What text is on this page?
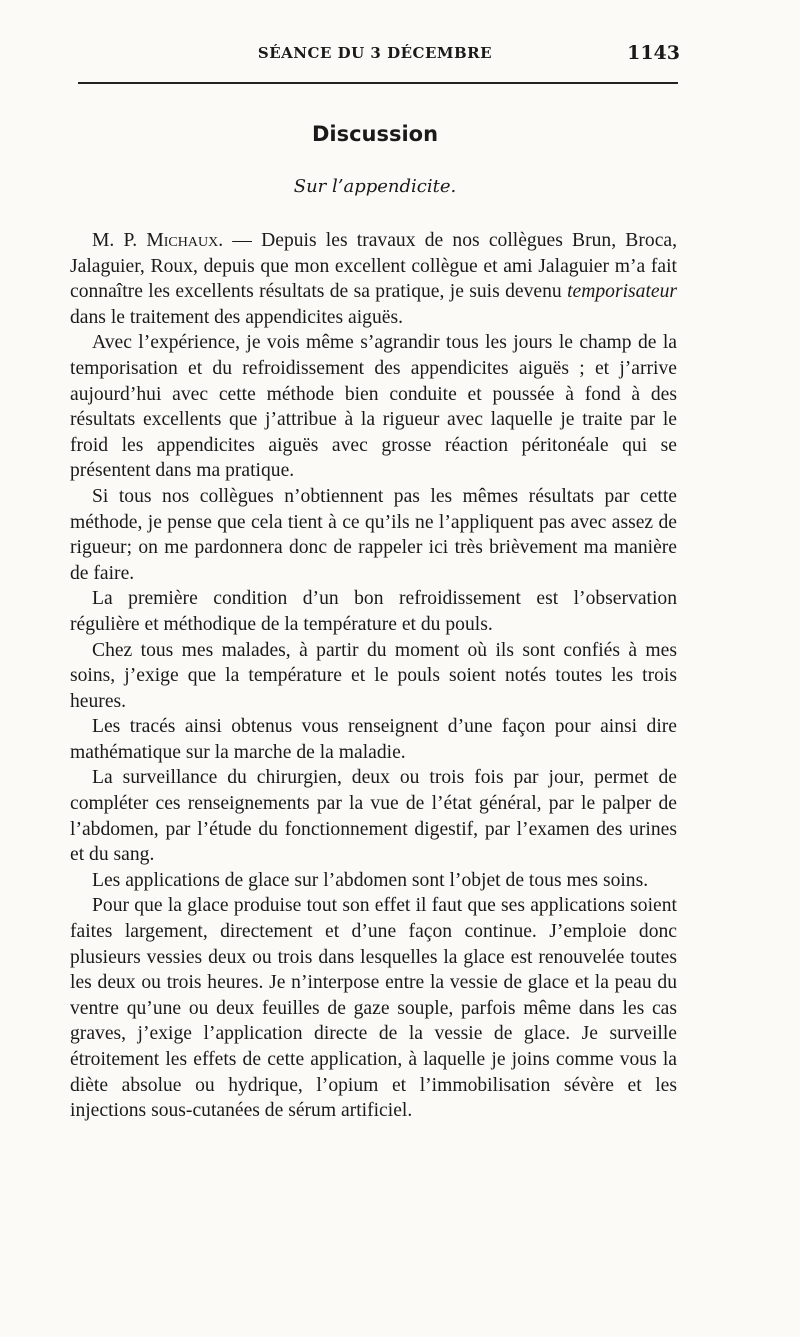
SÉANCE DU 3 DÉCEMBRE	1143
Discussion
Sur l’appendicite.

M. P. Michaux. — Depuis les travaux de nos collègues Brun, Broca, Jalaguier, Roux, depuis que mon excellent collègue et ami Jalaguier m’a fait connaître les excellents résultats de sa pratique, je suis devenu temporisateur dans le traitement des appendicites aiguës.

Avec l’expérience, je vois même s’agrandir tous les jours le champ de la temporisation et du refroidissement des appendicites aiguës ; et j’arrive aujourd’hui avec cette méthode bien conduite et poussée à fond à des résultats excellents que j’attribue à la rigueur avec laquelle je traite par le froid les appendicites aiguës avec grosse réaction péritonéale qui se présentent dans ma pratique.

Si tous nos collègues n’obtiennent pas les mêmes résultats par cette méthode, je pense que cela tient à ce qu’ils ne l’appliquent pas avec assez de rigueur; on me pardonnera donc de rappeler ici très brièvement ma manière de faire.

La première condition d’un bon refroidissement est l’observation régulière et méthodique de la température et du pouls.

Chez tous mes malades, à partir du moment où ils sont confiés à mes soins, j’exige que la température et le pouls soient notés toutes les trois heures.

Les tracés ainsi obtenus vous renseignent d’une façon pour ainsi dire mathématique sur la marche de la maladie.

La surveillance du chirurgien, deux ou trois fois par jour, permet de compléter ces renseignements par la vue de l’état général, par le palper de l’abdomen, par l’étude du fonctionnement digestif, par l’examen des urines et du sang.

Les applications de glace sur l’abdomen sont l’objet de tous mes soins.

Pour que la glace produise tout son effet il faut que ses applications soient faites largement, directement et d’une façon continue. J’emploie donc plusieurs vessies deux ou trois dans lesquelles la glace est renouvelée toutes les deux ou trois heures. Je n’interpose entre la vessie de glace et la peau du ventre qu’une ou deux feuilles de gaze souple, parfois même dans les cas graves, j’exige l’application directe de la vessie de glace. Je surveille étroitement les effets de cette application, à laquelle je joins comme vous la diète absolue ou hydrique, l’opium et l’immobilisation sévère et les injections sous-cutanées de sérum artificiel.
